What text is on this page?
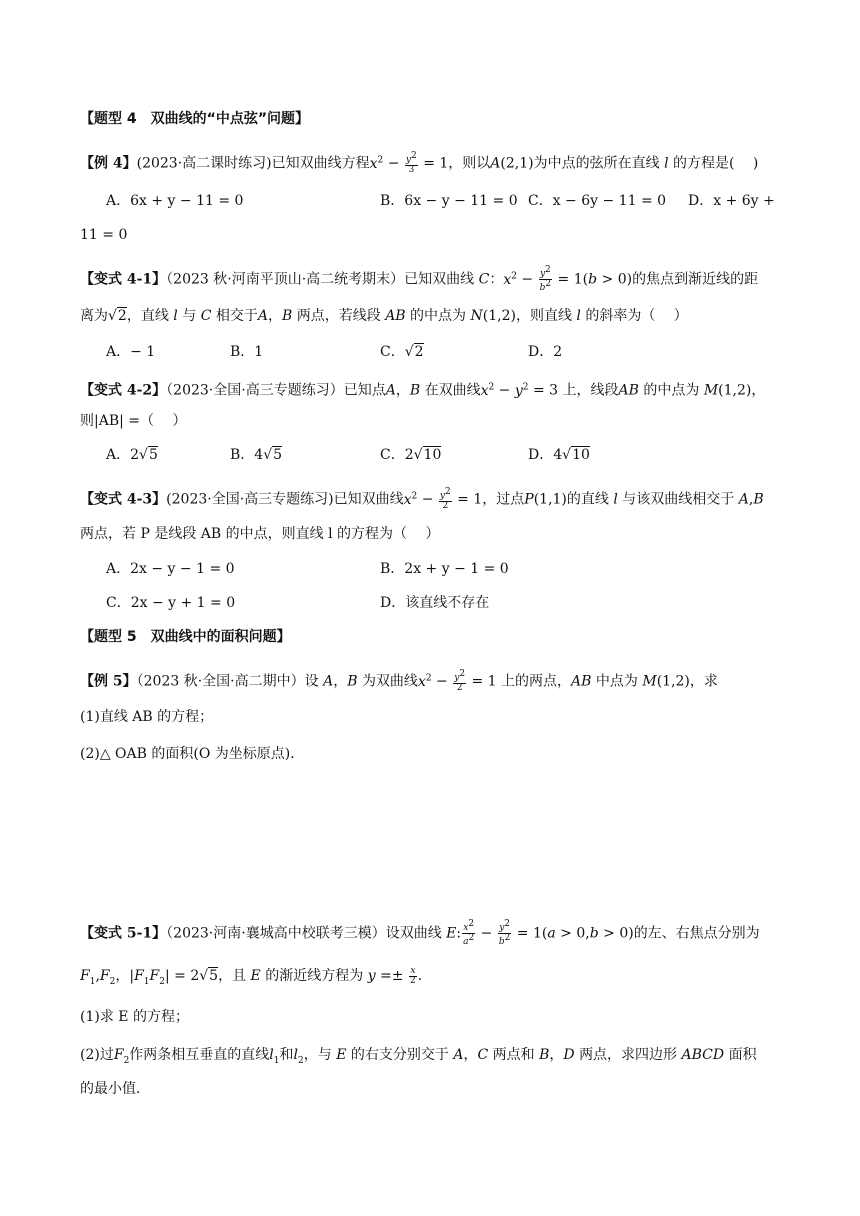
【题型 4　双曲线的“中点弦”问题】
【例 4】(2023·高二课时练习)已知双曲线方程$x^2 - \frac{y^2}{3} = 1$，则以A(2,1)为中点的弦所在直线 l 的方程是(　 )
A．6x + y − 11 = 0	B．6x − y − 11 = 0 C．x − 6y − 11 = 0 D．x + 6y +
11 = 0
【变式 4-1】（2023 秋·河南平顶山·高二统考期末）已知双曲线 C：$x^2 - \frac{y^2}{b^2} = 1(b > 0)$的焦点到渐近线的距
离为√2，直线 l 与 C 相交于A，B 两点，若线段 AB 的中点为 N(1,2)，则直线 l 的斜率为（　 ）
A．− 1	B．1	C．√2	D．2
【变式 4-2】（2023·全国·高三专题练习）已知点A，B 在双曲线$x^2 - y^2 = 3$ 上，线段AB 的中点为 M(1,2)，
则|AB| =（　 ）
A．2√5	B．4√5	C．2√10	D．4√10
【变式 4-3】(2023·全国·高三专题练习)已知双曲线$x^2 - \frac{y^2}{2} = 1$，过点P(1,1)的直线 l 与该双曲线相交于 A,B
两点，若 P 是线段 AB 的中点，则直线 l 的方程为（　 ）
A．2x − y − 1 = 0	B．2x + y − 1 = 0
C．2x − y + 1 = 0	D．该直线不存在
【题型 5　双曲线中的面积问题】
【例 5】（2023 秋·全国·高二期中）设 A，B 为双曲线$x^2 - \frac{y^2}{2} = 1$ 上的两点，AB 中点为 M(1,2)，求
(1)直线 AB 的方程；
(2)△ OAB 的面积(O 为坐标原点)．
【变式 5-1】（2023·河南·襄城高中校联考三模）设双曲线 E: $\frac{x^2}{a^2} - \frac{y^2}{b^2} = 1(a > 0,b > 0)$的左、右焦点分别为
$F_1,F_2$，$|F_1F_2| = 2√5$，且 E 的渐近线方程为 $y =\pm \frac{x}{2}$ .
(1)求 E 的方程；
(2)过$F_2$作两条相互垂直的直线$l_1$和$l_2$，与 E 的右支分别交于 A，C 两点和 B，D 两点，求四边形 ABCD 面积
的最小值．
